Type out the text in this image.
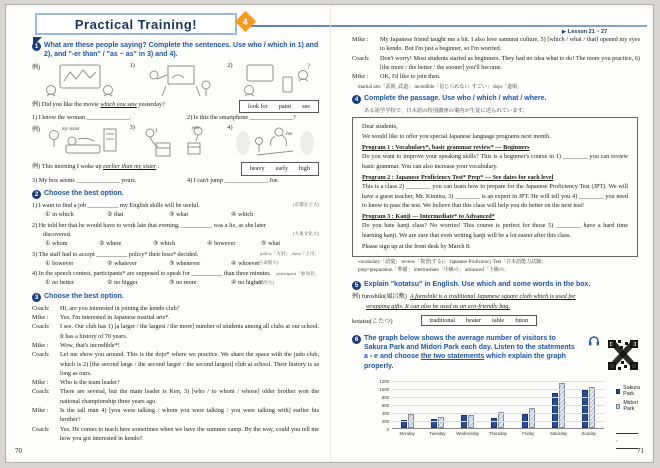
Practical Training!	4
▶ Lesson 21 ~ 27
1 What are these people saying? Complete the sentences. Use who / which in 1) and 2), and "-er than" / "as ~ as" in 3) and 4).
例)	1)	2)	?
例) Did you like the movie which you saw yesterday?	look for paint see
1) I know the woman ______________.	2) Is this the smartphone ______________?
例)	my sister	3)
I
you	4)
Joe
例) This morning I woke up earlier than my sister .	heavy early high
3) My box seems ______________ yours.	4) I can't jump ______________ Joe.
2 Choose the best option.
1) I want to find a job __________ my English skills will be useful.	(京都女子大)
① in which	② that	③ what	④ which
2) He told her that he would have to work late that evening, __________ was a lie, as she later discovered.	(大東文化大)
① whom	② where	③ which	④ however	⑤ what
3) The staff had to accept __________ policy* their boss* decided.	policy「方針」, boss「上司」
① however	② whatever	③ whenever	④ whoever
(立命館大)
4) In the speech contest, participants* are supposed to speak for __________ than three minutes. participant「参加者」
① no better	② no bigger	③ no more	④ no higher
(関西大)
3 Choose the best option.
Coach:	Hi, are you interested in joining the kendo club?
Mike :	Yes. I'm interested in Japanese martial arts*.
Coach:	I see. Our club has 1) [a larger / the largest / the more] number of students among all clubs at our school. It has a history of 70 years.
Mike :	Wow, that's incredible*!
Coach:	Let me show you around. This is the dojo* where we practice. We share the space with the judo club, which is 2) [the second large / the second larger / the second largest] club at school. Their history is as long as ours.
Mike :	Who is the team leader?
Coach:	There are several, but the main leader is Ken, 3) [who / to whom / whose] older brother won the national championship three years ago.
Mike :	Is the tall man 4) [you were talking / whom you were talking / you were talking with] earlier his brother?
Coach:	Yes. He comes to teach here sometimes when we have the summer camp. By the way, could you tell me how you got interested in kendo?
Mike :	My Japanese friend taught me a bit. I also love samurai culture, 5) [which / what / that] opened my eyes to kendo. But I'm just a beginner, so I'm worried.
Coach:	Don't worry! Most students started as beginners. They had no idea what to do! The more you practice, 6) [the more / the better / the sooner] you'll become.
Mike :	OK, I'd like to join then.
martial arts「武術, 武道」 incredible「信じられない, すごい」 dojo「道場」
4 Complete the passage. Use who / which / what / where.
ある語学学校で、日本語の特別講座の案内が生徒に送られています。

Dear students,

We would like to offer you special Japanese language programs next month.

Program 1 : Vocabulary*, basic grammar review* — Beginners

Do you want to improve your speaking skills? This is a beginner's course in 1) ________ you can review basic grammar. You can also increase your vocabulary.

Program 2 : Japanese Proficiency Test* Prep* — See dates for each level

This is a class 2) ________ you can learn how to prepare for the Japanese Proficiency Test (JPT). We will have a guest teacher, Mr. Kimura, 3) ________ is an expert in JPT. He will tell you 4) ________ you need to know to pass the test. We believe that this class will help you do better on the next test!

Program 3 : Kanji — Intermediate* to Advanced*

Do you hate kanji class? No worries! This course is perfect for those 5) ________ have a hard time learning kanji. We are sure that even writing kanji will be a lot easier after this class.

Please sign up at the front desk by March 8.

vocabulary「語彙」 review「復習(する)」 Japanese Proficiency Test「日本語能力試験」
prep=preparation「準備」 intermediate「中級の」 advanced「上級の」
5 Explain "kotatsu" in English. Use which and some words in the box.
例) furoshiki(風呂敷) A furoshiki is a traditional Japanese square cloth which is used for
wrapping gifts. It can also be used as an eco-friendly bag.
kotatsu(こたつ)	traditional heater table futon
6 The graph below shows the average number of visitors to Sakura Park and Midori Park each day. Listen to the statements a - e and choose the two statements which explain the graph properly.
0
200
400
600
800
1000
1200
Monday	Tuesday	Wednesday	Thursday	Friday	Saturday	Sunday
Sakura Park
Midori Park
,
70	71
